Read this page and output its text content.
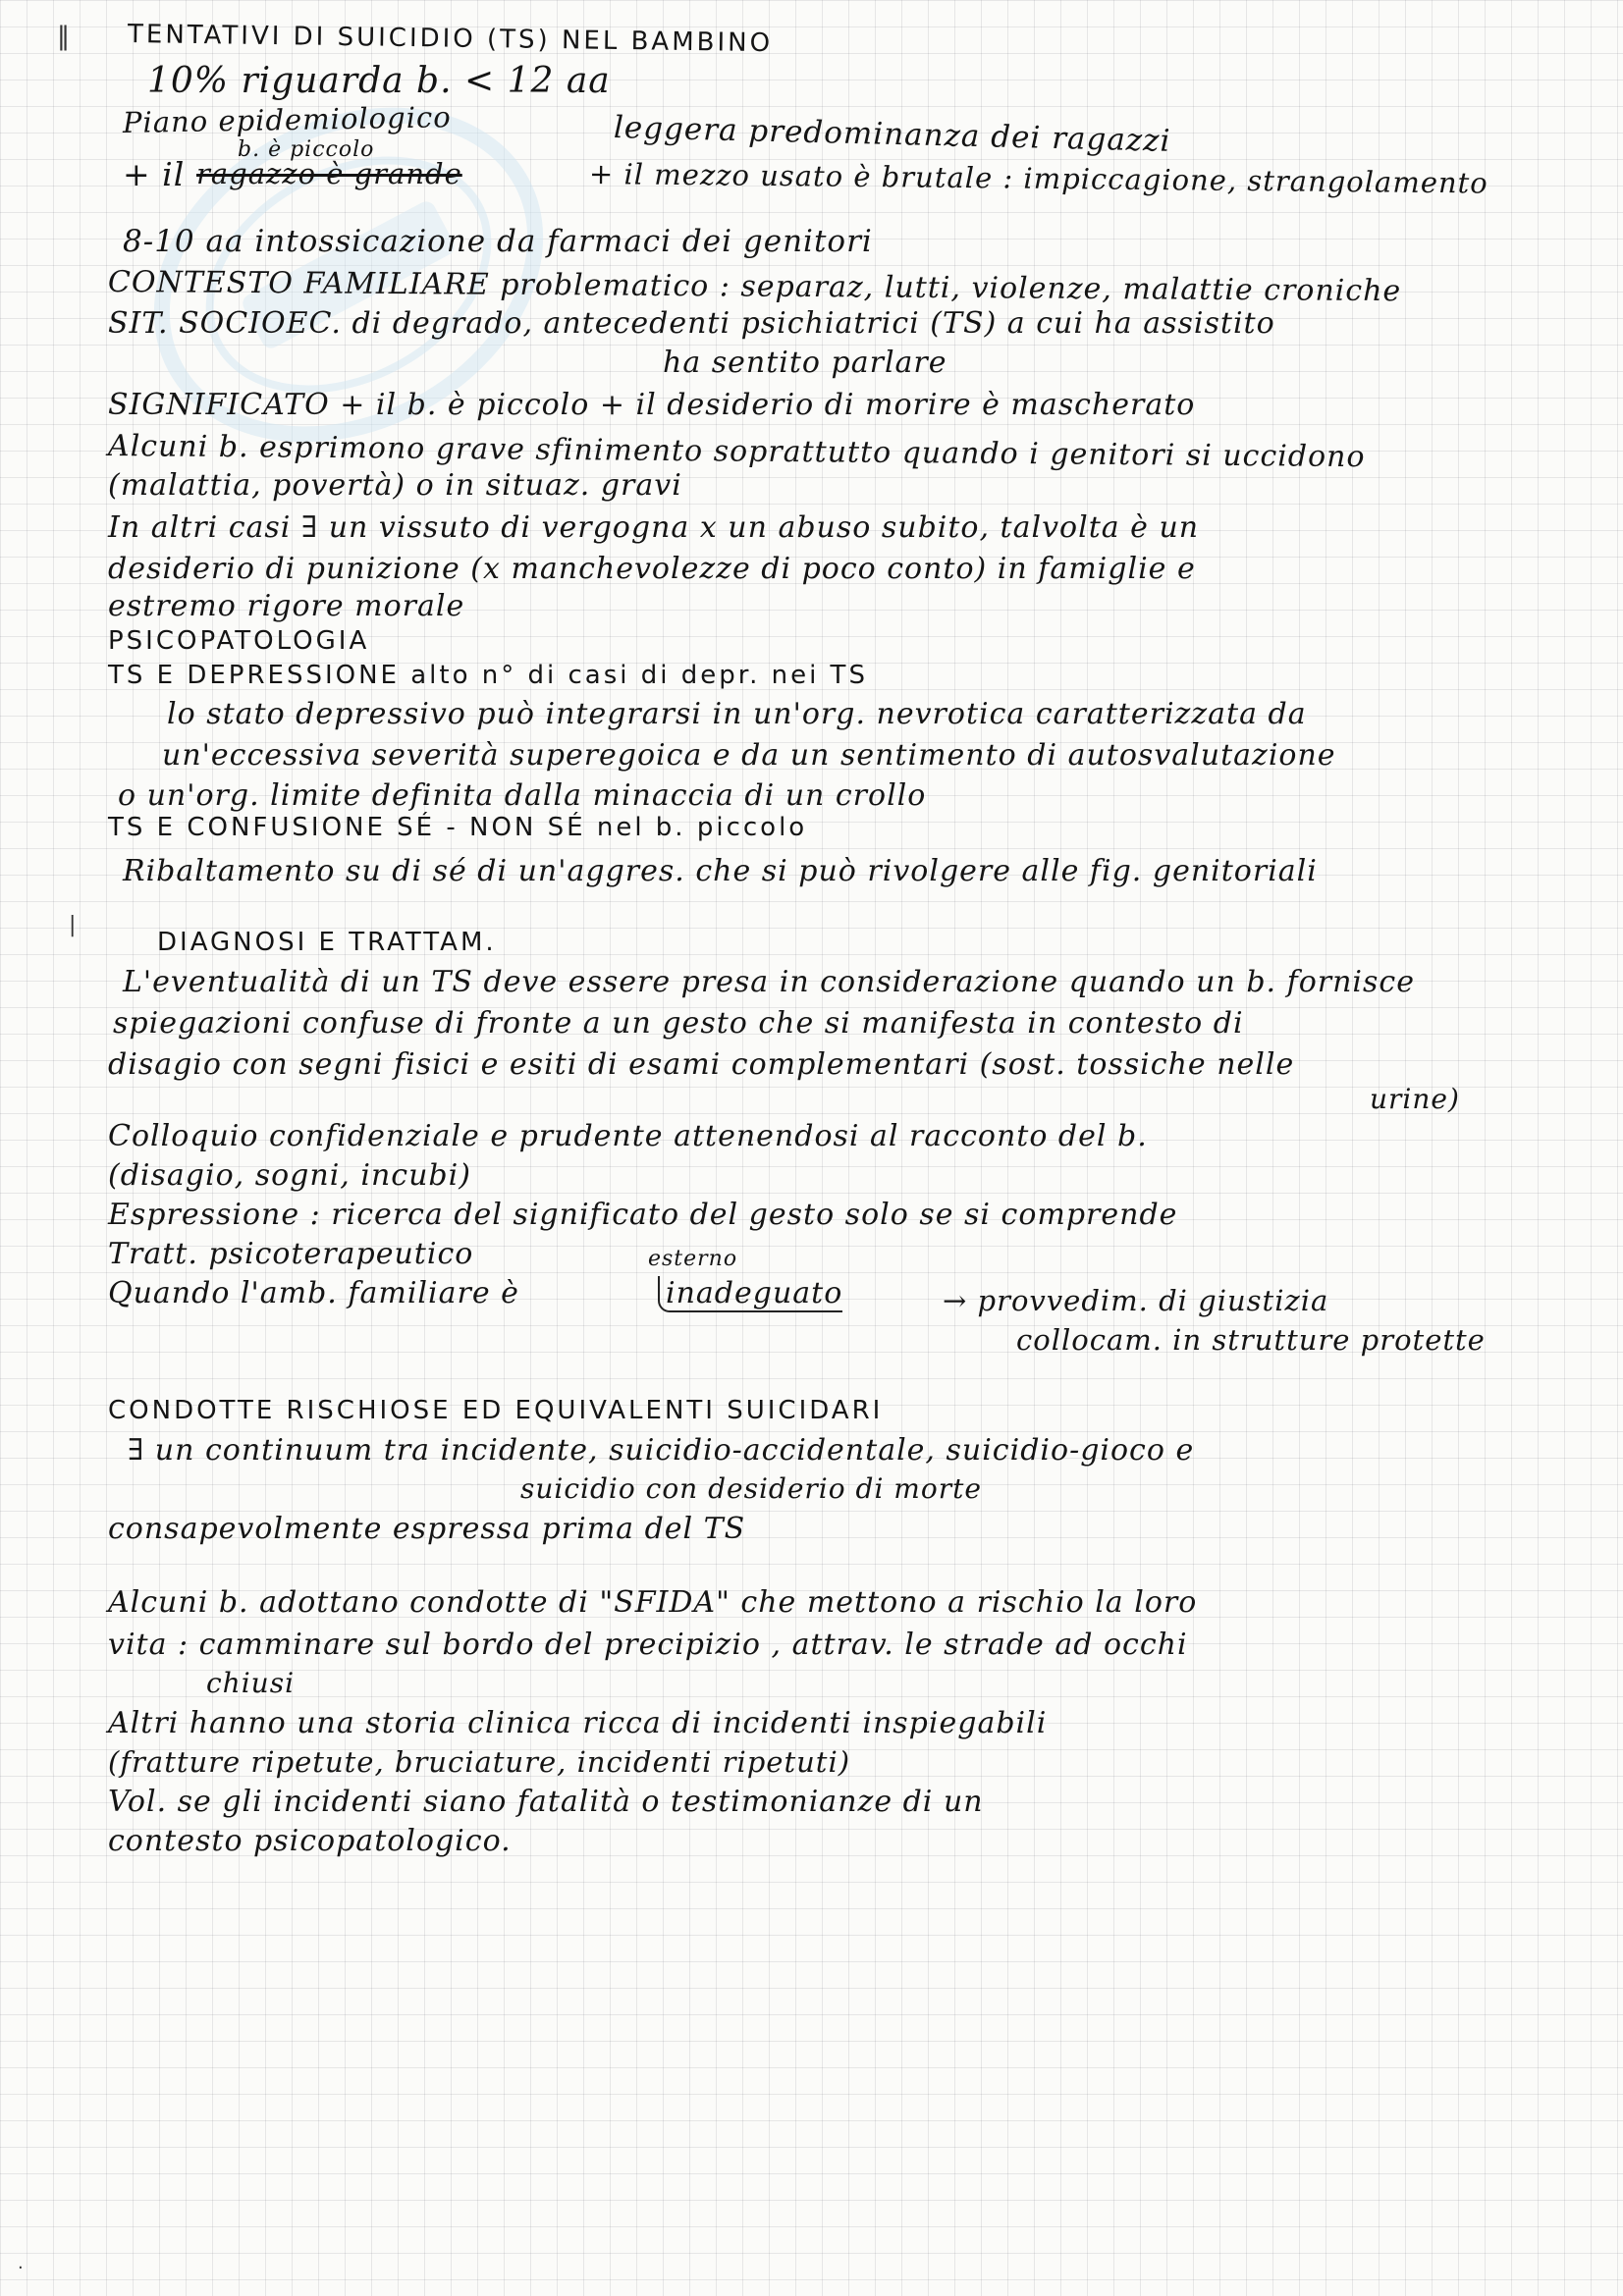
TENTATIVI DI SUICIDIO (TS) NEL BAMBINO
10% riguarda b. < 12 aa
Piano epidemiologico	leggera predominanza dei ragazzi
b. è piccolo
+ il ragazzo è grande	+ il mezzo usato è brutale : impiccagione, strangolamento
8-10 aa intossicazione da farmaci dei genitori
CONTESTO FAMILIARE problematico : separaz, lutti, violenze, malattie croniche
SIT. SOCIOEC. di degrado, antecedenti psichiatrici (TS) a cui ha assistito
ha sentito parlare
SIGNIFICATO + il b. è piccolo + il desiderio di morire è mascherato
Alcuni b. esprimono grave sfinimento soprattutto quando i genitori si uccidono
(malattia, povertà) o in situaz. gravi
In altri casi ∃ un vissuto di vergogna x un abuso subito, talvolta è un
desiderio di punizione (x manchevolezze di poco conto) in famiglie e
estremo rigore morale
PSICOPATOLOGIA
TS E DEPRESSIONE alto n° di casi di depr. nei TS
lo stato depressivo può integrarsi in un'org. nevrotica caratterizzata da
un'eccessiva severità superegoica e da un sentimento di autosvalutazione
o un'org. limite definita dalla minaccia di un crollo
TS E CONFUSIONE SÉ - NON SÉ nel b. piccolo
Ribaltamento su di sé di un'aggres. che si può rivolgere alle fig. genitoriali
DIAGNOSI E TRATTAM.
L'eventualità di un TS deve essere presa in considerazione quando un b. fornisce
spiegazioni confuse di fronte a un gesto che si manifesta in contesto di
disagio con segni fisici e esiti di esami complementari (sost. tossiche nelle
urine)
Colloquio confidenziale e prudente attenendosi al racconto del b.
(disagio, sogni, incubi)
Espressione : ricerca del significato del gesto solo se si comprende
Tratt. psicoterapeutico	esterno
Quando l'amb. familiare è	inadeguato	→ provvedim. di giustizia
collocam. in strutture protette
CONDOTTE RISCHIOSE ED EQUIVALENTI SUICIDARI
∃ un continuum tra incidente, suicidio-accidentale, suicidio-gioco e
suicidio con desiderio di morte
consapevolmente espressa prima del TS
Alcuni b. adottano condotte di "SFIDA" che mettono a rischio la loro
vita : camminare sul bordo del precipizio , attrav. le strade ad occhi
chiusi
Altri hanno una storia clinica ricca di incidenti inspiegabili
(fratture ripetute, bruciature, incidenti ripetuti)
Vol. se gli incidenti siano fatalità o testimonianze di un
contesto psicopatologico.
‖
|
·
